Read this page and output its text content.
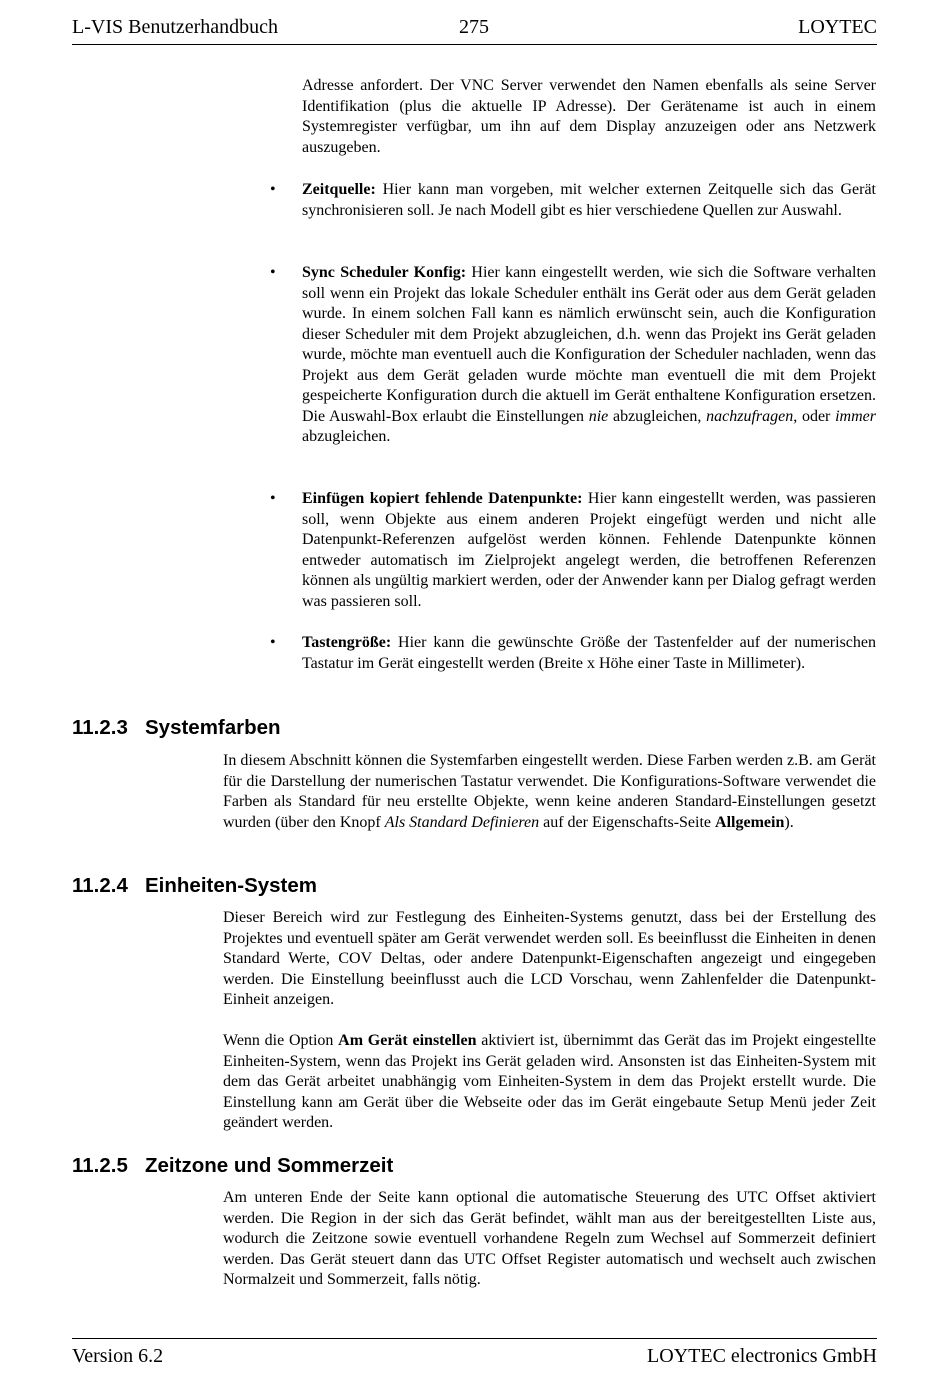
L-VIS Benutzerhandbuch	275	LOYTEC

Adresse anfordert. Der VNC Server verwendet den Namen ebenfalls als seine Server Identifikation (plus die aktuelle IP Adresse). Der Gerätename ist auch in einem Systemregister verfügbar, um ihn auf dem Display anzuzeigen oder ans Netzwerk auszugeben.

• Zeitquelle: Hier kann man vorgeben, mit welcher externen Zeitquelle sich das Gerät synchronisieren soll. Je nach Modell gibt es hier verschiedene Quellen zur Auswahl.

• Sync Scheduler Konfig: Hier kann eingestellt werden, wie sich die Software verhalten soll wenn ein Projekt das lokale Scheduler enthält ins Gerät oder aus dem Gerät geladen wurde. In einem solchen Fall kann es nämlich erwünscht sein, auch die Konfiguration dieser Scheduler mit dem Projekt abzugleichen, d.h. wenn das Projekt ins Gerät geladen wurde, möchte man eventuell auch die Konfiguration der Scheduler nachladen, wenn das Projekt aus dem Gerät geladen wurde möchte man eventuell die mit dem Projekt gespeicherte Konfiguration durch die aktuell im Gerät enthaltene Konfiguration ersetzen. Die Auswahl-Box erlaubt die Einstellungen nie abzugleichen, nachzufragen, oder immer abzugleichen.

• Einfügen kopiert fehlende Datenpunkte: Hier kann eingestellt werden, was passieren soll, wenn Objekte aus einem anderen Projekt eingefügt werden und nicht alle Datenpunkt-Referenzen aufgelöst werden können. Fehlende Datenpunkte können entweder automatisch im Zielprojekt angelegt werden, die betroffenen Referenzen können als ungültig markiert werden, oder der Anwender kann per Dialog gefragt werden was passieren soll.

• Tastengröße: Hier kann die gewünschte Größe der Tastenfelder auf der numerischen Tastatur im Gerät eingestellt werden (Breite x Höhe einer Taste in Millimeter).

11.2.3 Systemfarben

In diesem Abschnitt können die Systemfarben eingestellt werden. Diese Farben werden z.B. am Gerät für die Darstellung der numerischen Tastatur verwendet. Die Konfigurations-Software verwendet die Farben als Standard für neu erstellte Objekte, wenn keine anderen Standard-Einstellungen gesetzt wurden (über den Knopf Als Standard Definieren auf der Eigenschafts-Seite Allgemein).

11.2.4 Einheiten-System

Dieser Bereich wird zur Festlegung des Einheiten-Systems genutzt, dass bei der Erstellung des Projektes und eventuell später am Gerät verwendet werden soll. Es beeinflusst die Einheiten in denen Standard Werte, COV Deltas, oder andere Datenpunkt-Eigenschaften angezeigt und eingegeben werden. Die Einstellung beeinflusst auch die LCD Vorschau, wenn Zahlenfelder die Datenpunkt-Einheit anzeigen.

Wenn die Option Am Gerät einstellen aktiviert ist, übernimmt das Gerät das im Projekt eingestellte Einheiten-System, wenn das Projekt ins Gerät geladen wird. Ansonsten ist das Einheiten-System mit dem das Gerät arbeitet unabhängig vom Einheiten-System in dem das Projekt erstellt wurde. Die Einstellung kann am Gerät über die Webseite oder das im Gerät eingebaute Setup Menü jeder Zeit geändert werden.

11.2.5 Zeitzone und Sommerzeit

Am unteren Ende der Seite kann optional die automatische Steuerung des UTC Offset aktiviert werden. Die Region in der sich das Gerät befindet, wählt man aus der bereitgestellten Liste aus, wodurch die Zeitzone sowie eventuell vorhandene Regeln zum Wechsel auf Sommerzeit definiert werden. Das Gerät steuert dann das UTC Offset Register automatisch und wechselt auch zwischen Normalzeit und Sommerzeit, falls nötig.

Version 6.2	LOYTEC electronics GmbH
